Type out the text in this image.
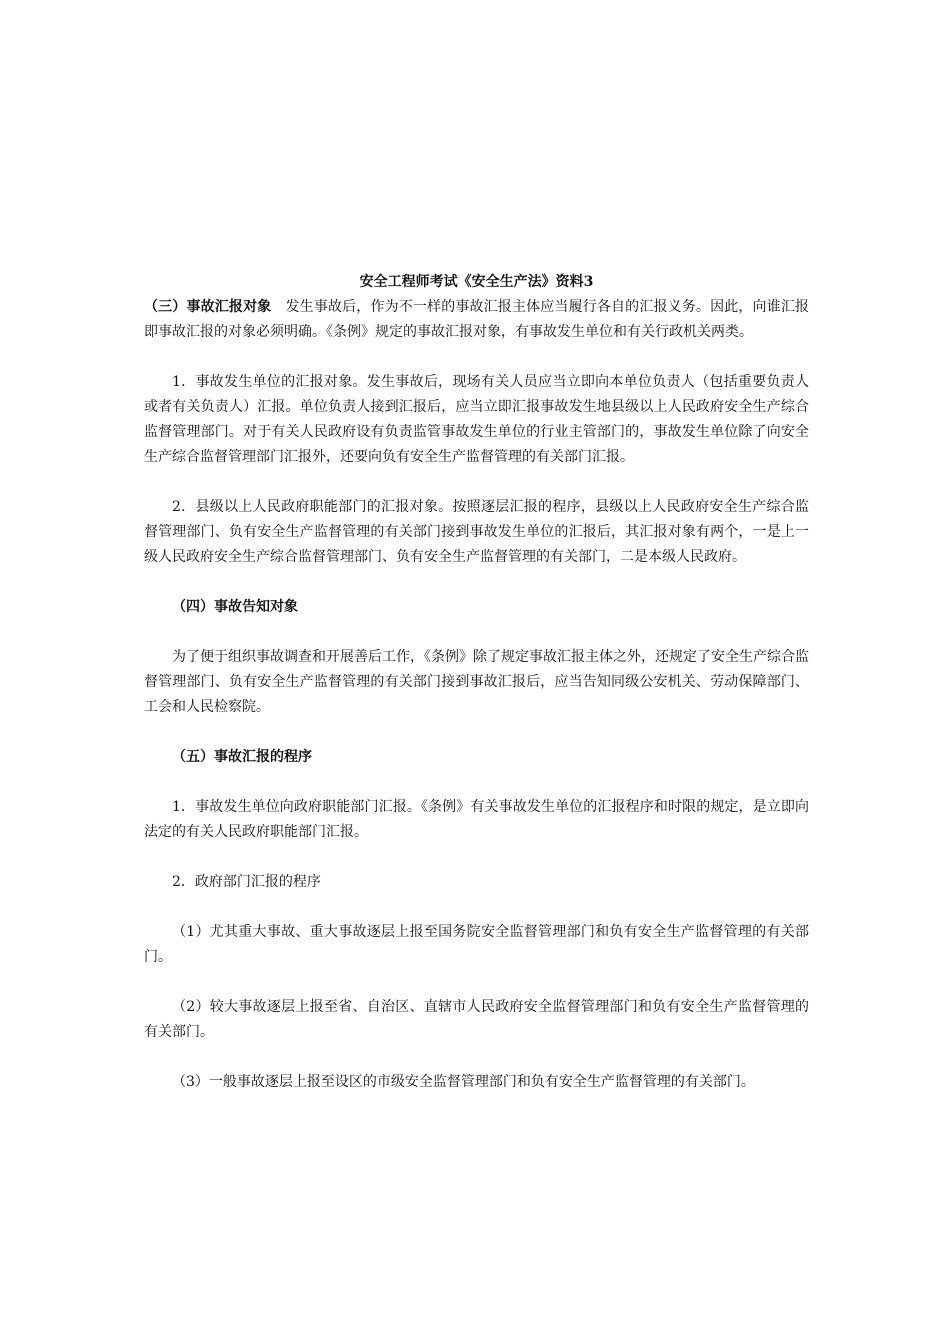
安全工程师考试《安全生产法》资料3

（三）事故汇报对象　发生事故后，作为不一样的事故汇报主体应当履行各自的汇报义务。因此，向谁汇报即事故汇报的对象必须明确。《条例》规定的事故汇报对象，有事故发生单位和有关行政机关两类。

1．事故发生单位的汇报对象。发生事故后，现场有关人员应当立即向本单位负责人（包括重要负责人或者有关负责人）汇报。单位负责人接到汇报后，应当立即汇报事故发生地县级以上人民政府安全生产综合监督管理部门。对于有关人民政府设有负责监管事故发生单位的行业主管部门的，事故发生单位除了向安全生产综合监督管理部门汇报外，还要向负有安全生产监督管理的有关部门汇报。

2．县级以上人民政府职能部门的汇报对象。按照逐层汇报的程序，县级以上人民政府安全生产综合监督管理部门、负有安全生产监督管理的有关部门接到事故发生单位的汇报后，其汇报对象有两个，一是上一级人民政府安全生产综合监督管理部门、负有安全生产监督管理的有关部门，二是本级人民政府。

（四）事故告知对象

为了便于组织事故调查和开展善后工作，《条例》除了规定事故汇报主体之外，还规定了安全生产综合监督管理部门、负有安全生产监督管理的有关部门接到事故汇报后，应当告知同级公安机关、劳动保障部门、工会和人民检察院。

（五）事故汇报的程序

1．事故发生单位向政府职能部门汇报。《条例》有关事故发生单位的汇报程序和时限的规定，是立即向法定的有关人民政府职能部门汇报。

2．政府部门汇报的程序

（1）尤其重大事故、重大事故逐层上报至国务院安全监督管理部门和负有安全生产监督管理的有关部门。

（2）较大事故逐层上报至省、自治区、直辖市人民政府安全监督管理部门和负有安全生产监督管理的有关部门。

（3）一般事故逐层上报至设区的市级安全监督管理部门和负有安全生产监督管理的有关部门。
